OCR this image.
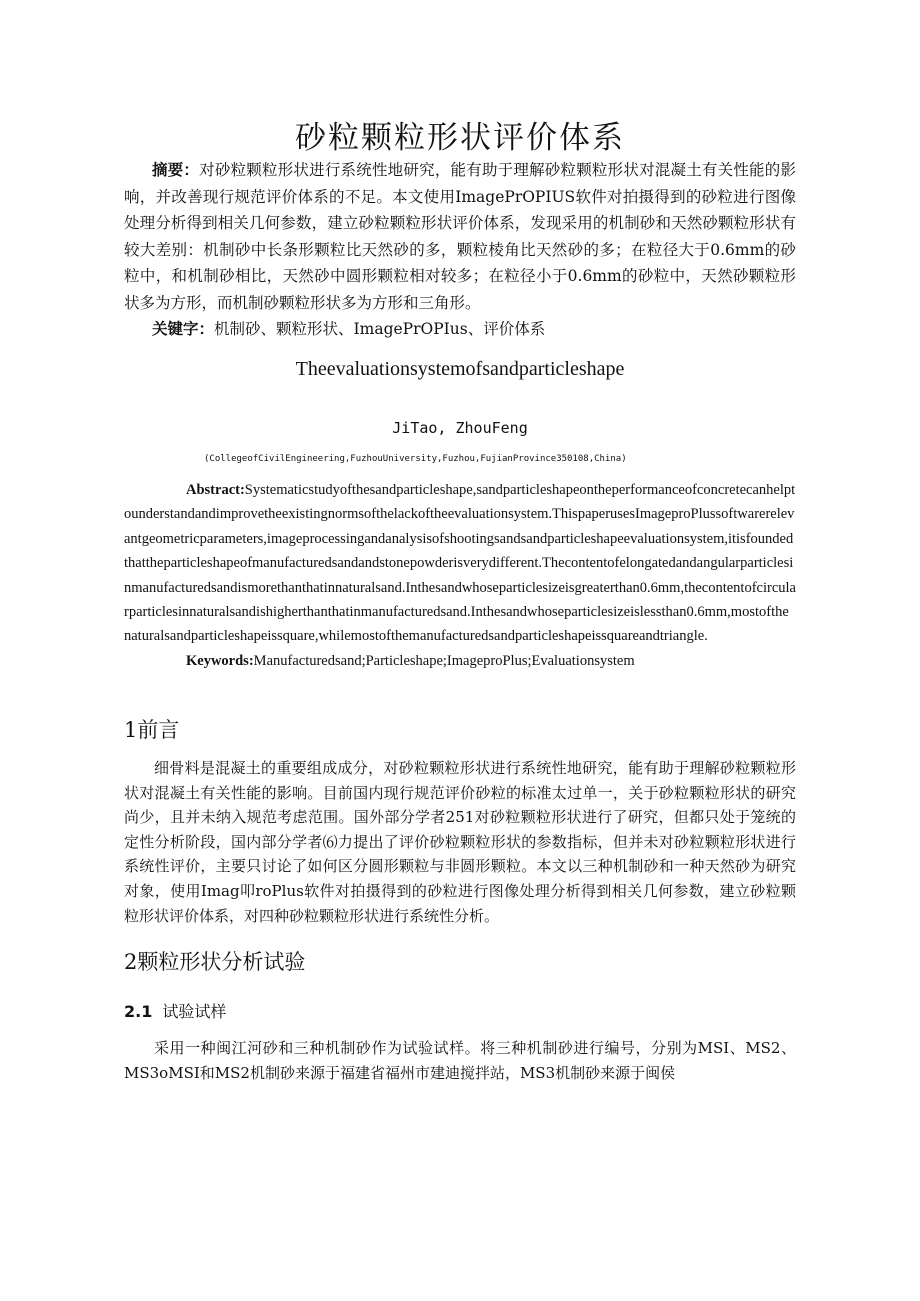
砂粒颗粒形状评价体系
摘要：对砂粒颗粒形状进行系统性地研究，能有助于理解砂粒颗粒形状对混凝土有关性能的影响，并改善现行规范评价体系的不足。本文使用ImagePrOPIUS软件对拍摄得到的砂粒进行图像处理分析得到相关几何参数，建立砂粒颗粒形状评价体系，发现采用的机制砂和天然砂颗粒形状有较大差别：机制砂中长条形颗粒比天然砂的多，颗粒棱角比天然砂的多；在粒径大于0.6mm的砂粒中，和机制砂相比，天然砂中圆形颗粒相对较多；在粒径小于0.6mm的砂粒中，天然砂颗粒形状多为方形，而机制砂颗粒形状多为方形和三角形。
关键字：机制砂、颗粒形状、ImagePrOPIus、评价体系
Theevaluationsystemofsandparticleshape
JiTao, ZhouFeng
(CollegeofCivilEngineering,FuzhouUniversity,Fuzhou,FujianProvince350108,China)
Abstract:Systematicstudyofthesandparticleshape,sandparticleshapeontheperformanceofconcretecanhelptounderstandandimprovetheexistingnormsofthelackoftheevaluationsystem.ThispaperusesImageproPlussoftwarerelevantgeometricparameters,imageprocessingandanalysisofshootingsandsandparticleshapeevaluationsystem,itisfoundedthattheparticleshapeofmanufacturedsandandstonepowderisverydifferent.Thecontentofelongatedandangularparticlesinmanufacturedsandismorethanthatinnaturalsand.Inthesandwhoseparticlesizeisgreaterthan0.6mm,thecontentofcircularparticlesinnaturalsandishigherthanthatinmanufacturedsand.Inthesandwhoseparticlesizeislessthan0.6mm,mostofthenaturalsandparticleshapeissquare,whilemostofthemanufacturedsandparticleshapeissquareandtriangle.
Keywords:Manufacturedsand;Particleshape;ImageproPlus;Evaluationsystem
1前言
细骨料是混凝土的重要组成成分，对砂粒颗粒形状进行系统性地研究，能有助于理解砂粒颗粒形状对混凝土有关性能的影响。目前国内现行规范评价砂粒的标准太过单一，关于砂粒颗粒形状的研究尚少，且并未纳入规范考虑范围。国外部分学者251对砂粒颗粒形状进行了研究，但都只处于笼统的定性分析阶段，国内部分学者⑹力提出了评价砂粒颗粒形状的参数指标，但并未对砂粒颗粒形状进行系统性评价，主要只讨论了如何区分圆形颗粒与非圆形颗粒。本文以三种机制砂和一种天然砂为研究对象，使用Imag叩roPlus软件对拍摄得到的砂粒进行图像处理分析得到相关几何参数，建立砂粒颗粒形状评价体系，对四种砂粒颗粒形状进行系统性分析。
2颗粒形状分析试验
2.1 试验试样
采用一种闽江河砂和三种机制砂作为试验试样。将三种机制砂进行编号，分别为MSI、MS2、MS3oMSI和MS2机制砂来源于福建省福州市建迪搅拌站，MS3机制砂来源于闽侯
